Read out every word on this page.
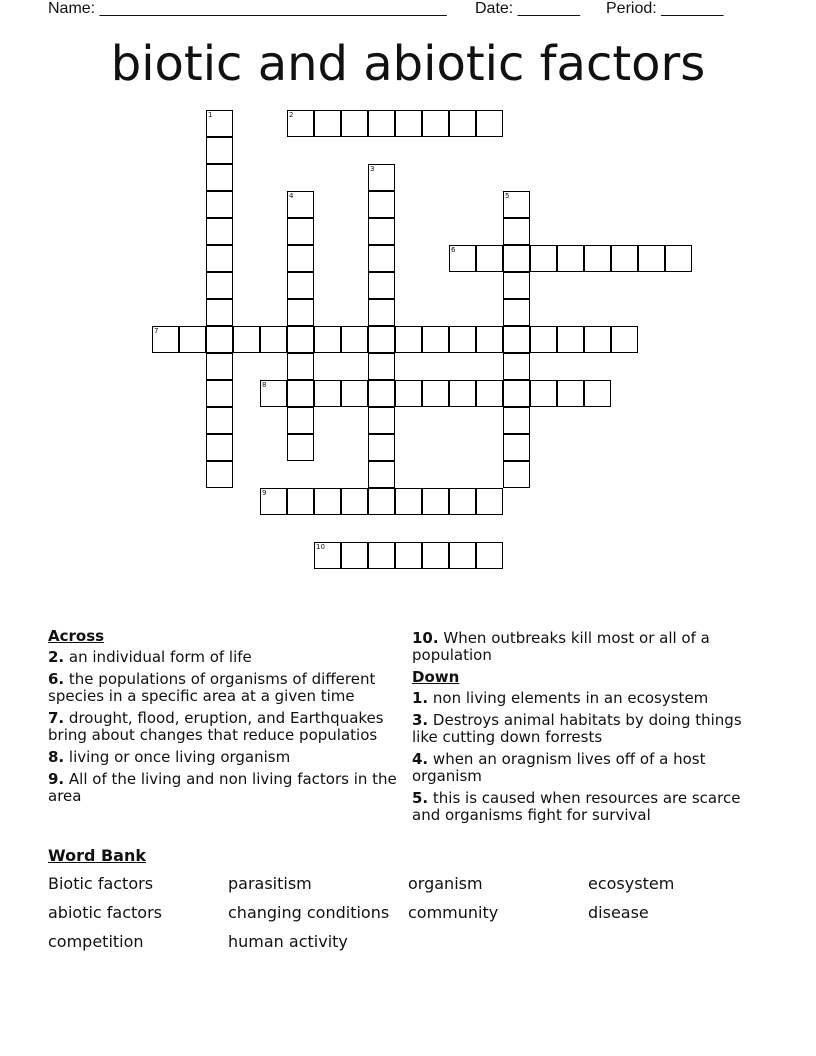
Name: _______________________________________ Date: _______ Period: _______
biotic and abiotic factors
1	2
3
4	5
6
7
8
9
10
Across
2. an individual form of life
6. the populations of organisms of different species in a specific area at a given time
7. drought, flood, eruption, and Earthquakes bring about changes that reduce populatios
8. living or once living organism
9. All of the living and non living factors in the area
10. When outbreaks kill most or all of a population
Down
1. non living elements in an ecosystem
3. Destroys animal habitats by doing things like cutting down forrests
4. when an oragnism lives off of a host organism
5. this is caused when resources are scarce and organisms fight for survival
Word Bank
Biotic factors	parasitism	organism	ecosystem
abiotic factors	changing conditions	community	disease
competition	human activity
